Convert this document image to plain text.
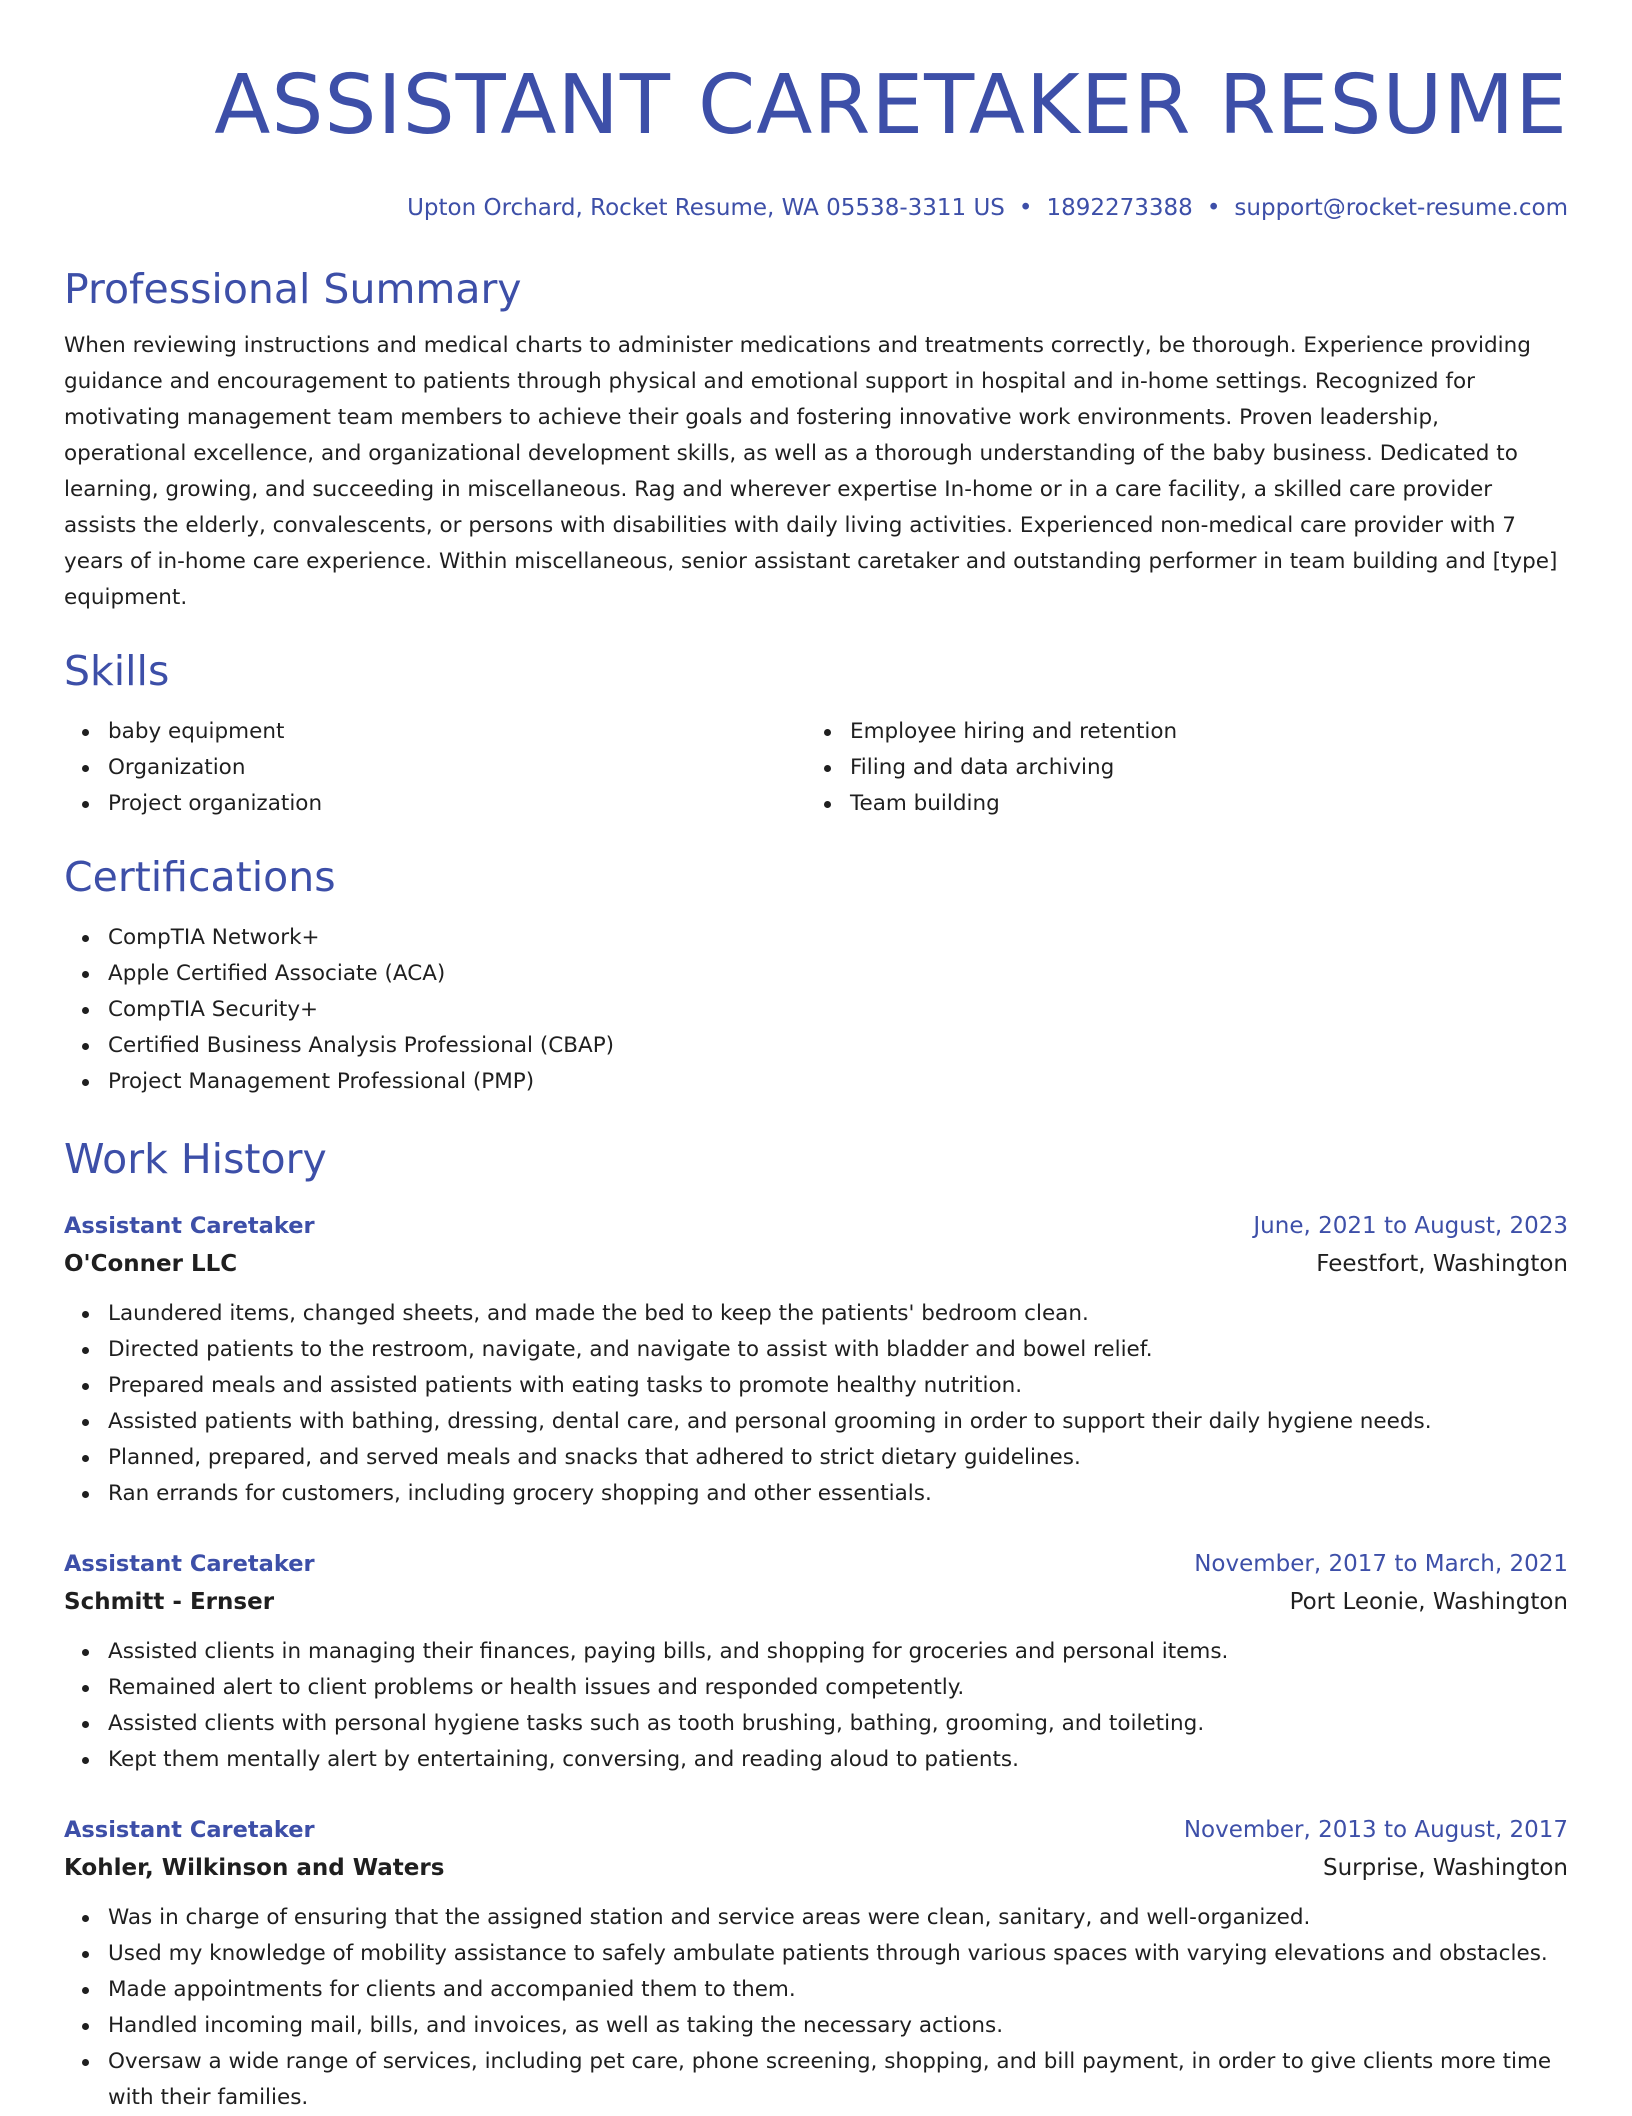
ASSISTANT CARETAKER RESUME
Upton Orchard, Rocket Resume, WA 05538-3311 US • 1892273388 • support@rocket-resume.com
Professional Summary

When reviewing instructions and medical charts to administer medications and treatments correctly, be thorough. Experience providing guidance and encouragement to patients through physical and emotional support in hospital and in-home settings. Recognized for motivating management team members to achieve their goals and fostering innovative work environments. Proven leadership, operational excellence, and organizational development skills, as well as a thorough understanding of the baby business. Dedicated to learning, growing, and succeeding in miscellaneous. Rag and wherever expertise In-home or in a care facility, a skilled care provider assists the elderly, convalescents, or persons with disabilities with daily living activities. Experienced non-medical care provider with 7 years of in-home care experience. Within miscellaneous, senior assistant caretaker and outstanding performer in team building and [type] equipment.

Skills
baby equipment
Organization
Project organization
Employee hiring and retention
Filing and data archiving
Team building
Certifications
CompTIA Network+
Apple Certified Associate (ACA)
CompTIA Security+
Certified Business Analysis Professional (CBAP)
Project Management Professional (PMP)
Work History
Assistant Caretaker	June, 2021 to August, 2023
O'Conner LLC	Feestfort, Washington
Laundered items, changed sheets, and made the bed to keep the patients' bedroom clean.
Directed patients to the restroom, navigate, and navigate to assist with bladder and bowel relief.
Prepared meals and assisted patients with eating tasks to promote healthy nutrition.
Assisted patients with bathing, dressing, dental care, and personal grooming in order to support their daily hygiene needs.
Planned, prepared, and served meals and snacks that adhered to strict dietary guidelines.
Ran errands for customers, including grocery shopping and other essentials.
Assistant Caretaker	November, 2017 to March, 2021
Schmitt - Ernser	Port Leonie, Washington
Assisted clients in managing their finances, paying bills, and shopping for groceries and personal items.
Remained alert to client problems or health issues and responded competently.
Assisted clients with personal hygiene tasks such as tooth brushing, bathing, grooming, and toileting.
Kept them mentally alert by entertaining, conversing, and reading aloud to patients.
Assistant Caretaker	November, 2013 to August, 2017
Kohler, Wilkinson and Waters	Surprise, Washington
Was in charge of ensuring that the assigned station and service areas were clean, sanitary, and well-organized.
Used my knowledge of mobility assistance to safely ambulate patients through various spaces with varying elevations and obstacles.
Made appointments for clients and accompanied them to them.
Handled incoming mail, bills, and invoices, as well as taking the necessary actions.
Oversaw a wide range of services, including pet care, phone screening, shopping, and bill payment, in order to give clients more time with their families.
